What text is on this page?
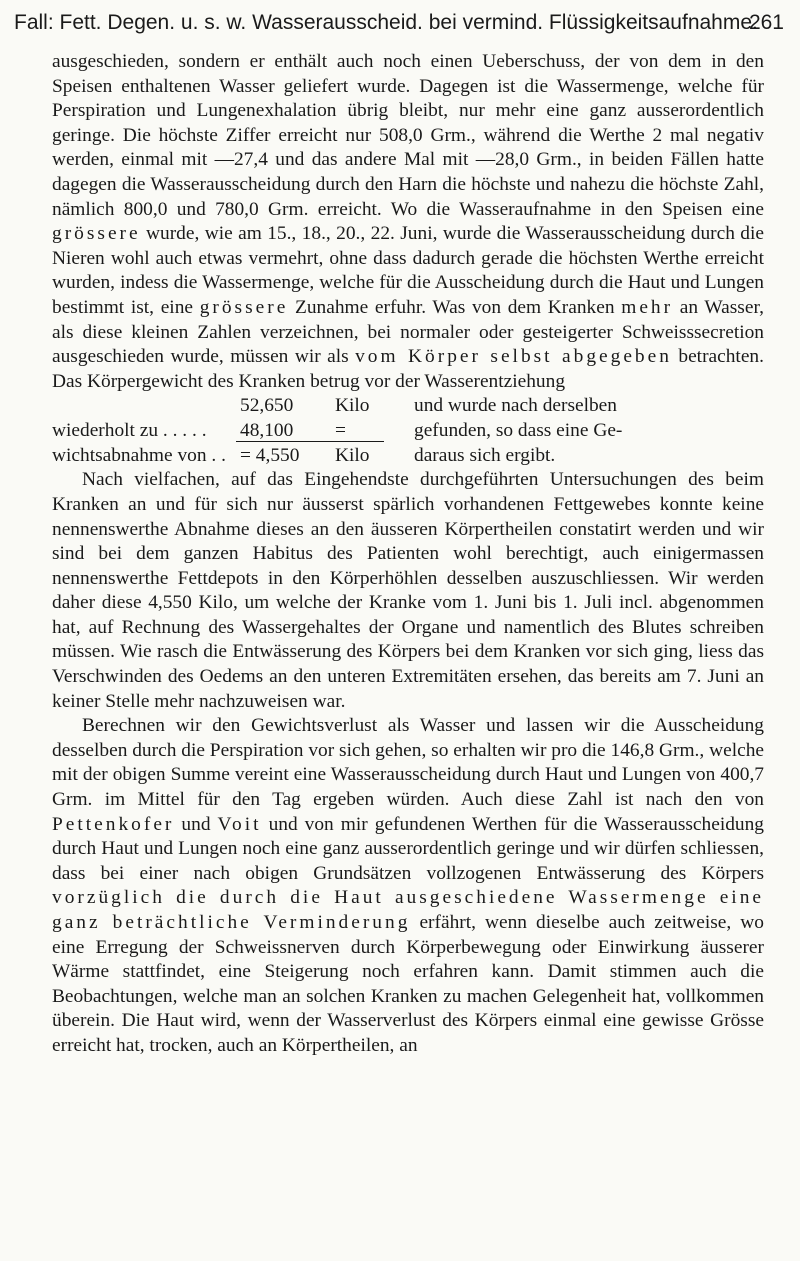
Fall: Fett. Degen. u. s. w. Wasserausscheid. bei vermind. Flüssigkeitsaufnahme.
261

ausgeschieden, sondern er enthält auch noch einen Ueberschuss, der von dem in den Speisen enthaltenen Wasser geliefert wurde. Dagegen ist die Wassermenge, welche für Perspiration und Lungenexhalation übrig bleibt, nur mehr eine ganz ausserordentlich geringe. Die höchste Ziffer erreicht nur 508,0 Grm., während die Werthe 2 mal negativ werden, einmal mit —27,4 und das andere Mal mit —28,0 Grm., in beiden Fällen hatte dagegen die Wasserausscheidung durch den Harn die höchste und nahezu die höchste Zahl, nämlich 800,0 und 780,0 Grm. erreicht. Wo die Wasseraufnahme in den Speisen eine grössere wurde, wie am 15., 18., 20., 22. Juni, wurde die Wasserausscheidung durch die Nieren wohl auch etwas vermehrt, ohne dass dadurch gerade die höchsten Werthe erreicht wurden, indess die Wassermenge, welche für die Ausscheidung durch die Haut und Lungen bestimmt ist, eine grössere Zunahme erfuhr. Was von dem Kranken mehr an Wasser, als diese kleinen Zahlen verzeichnen, bei normaler oder gesteigerter Schweisssecretion ausgeschieden wurde, müssen wir als vom Körper selbst abgegeben betrachten. Das Körpergewicht des Kranken betrug vor der Wasserentziehung

52,650 Kilo und wurde nach derselben
wiederholt zu . . . . . 48,100 =	gefunden, so dass eine Ge-
wichtsabnahme von . . = 4,550 Kilo daraus sich ergibt.

Nach vielfachen, auf das Eingehendste durchgeführten Untersuchungen des beim Kranken an und für sich nur äusserst spärlich vorhandenen Fettgewebes konnte keine nennenswerthe Abnahme dieses an den äusseren Körpertheilen constatirt werden und wir sind bei dem ganzen Habitus des Patienten wohl berechtigt, auch einigermassen nennenswerthe Fettdepots in den Körperhöhlen desselben auszuschliessen. Wir werden daher diese 4,550 Kilo, um welche der Kranke vom 1. Juni bis 1. Juli incl. abgenommen hat, auf Rechnung des Wassergehaltes der Organe und namentlich des Blutes schreiben müssen. Wie rasch die Entwässerung des Körpers bei dem Kranken vor sich ging, liess das Verschwinden des Oedems an den unteren Extremitäten ersehen, das bereits am 7. Juni an keiner Stelle mehr nachzuweisen war.

Berechnen wir den Gewichtsverlust als Wasser und lassen wir die Ausscheidung desselben durch die Perspiration vor sich gehen, so erhalten wir pro die 146,8 Grm., welche mit der obigen Summe vereint eine Wasserausscheidung durch Haut und Lungen von 400,7 Grm. im Mittel für den Tag ergeben würden. Auch diese Zahl ist nach den von Pettenkofer und Voit und von mir gefundenen Werthen für die Wasserausscheidung durch Haut und Lungen noch eine ganz ausserordentlich geringe und wir dürfen schliessen, dass bei einer nach obigen Grundsätzen vollzogenen Entwässerung des Körpers vorzüglich die durch die Haut ausgeschiedene Wassermenge eine ganz beträchtliche Verminderung erfährt, wenn dieselbe auch zeitweise, wo eine Erregung der Schweissnerven durch Körperbewegung oder Einwirkung äusserer Wärme stattfindet, eine Steigerung noch erfahren kann. Damit stimmen auch die Beobachtungen, welche man an solchen Kranken zu machen Gelegenheit hat, vollkommen überein. Die Haut wird, wenn der Wasserverlust des Körpers einmal eine gewisse Grösse erreicht hat, trocken, auch an Körpertheilen, an
